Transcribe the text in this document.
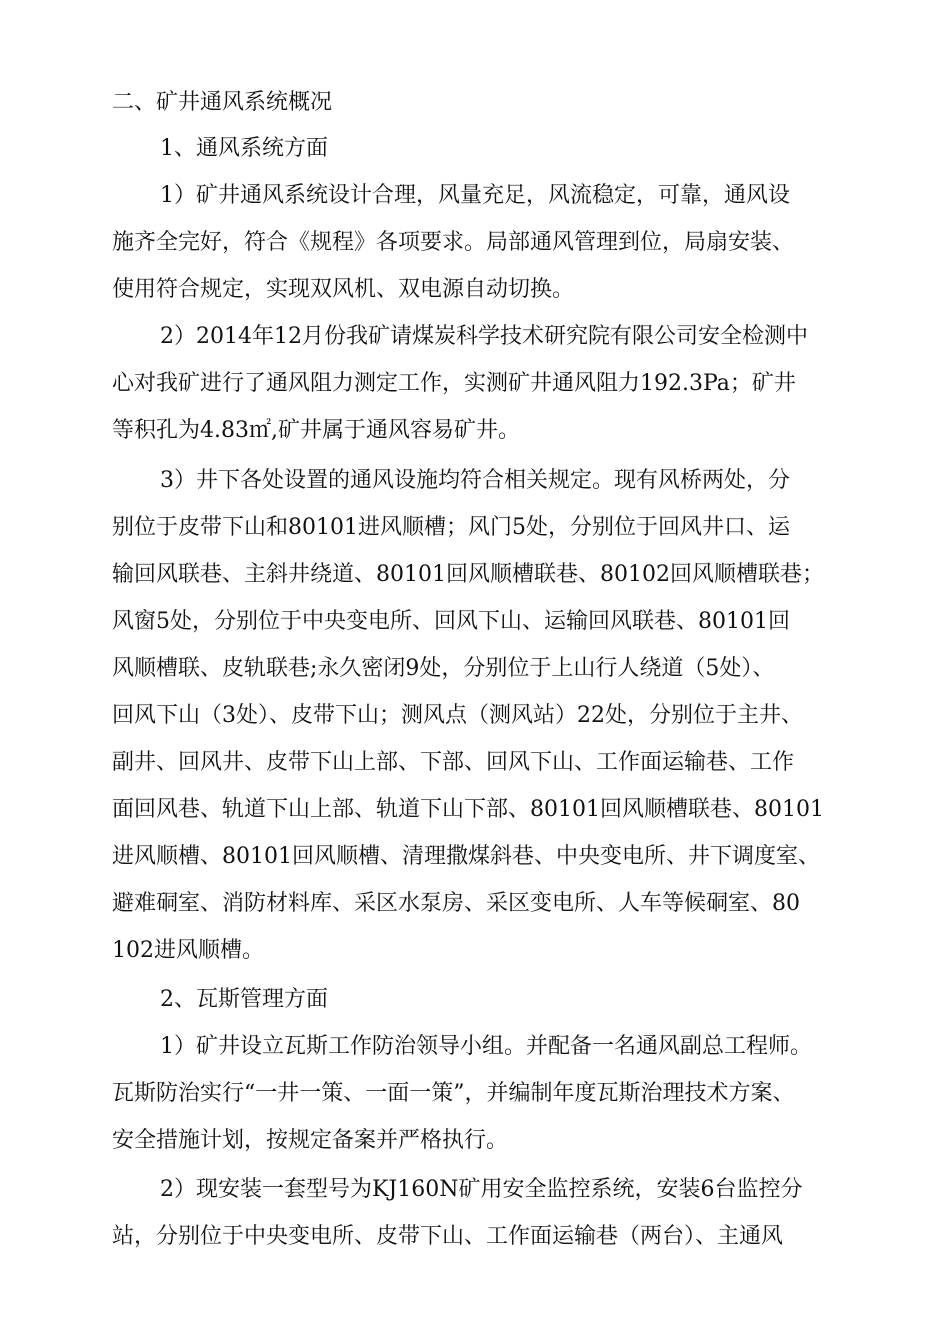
二、矿井通风系统概况
1、通风系统方面
1）矿井通风系统设计合理，风量充足，风流稳定，可靠，通风设
施齐全完好，符合《规程》各项要求。局部通风管理到位，局扇安装、
使用符合规定，实现双风机、双电源自动切换。
2）2014年12月份我矿请煤炭科学技术研究院有限公司安全检测中
心对我矿进行了通风阻力测定工作，实测矿井通风阻力192.3Pa；矿井
等积孔为4.83㎡,矿井属于通风容易矿井。
3）井下各处设置的通风设施均符合相关规定。现有风桥两处，分
别位于皮带下山和80101进风顺槽；风门5处，分别位于回风井口、运
输回风联巷、主斜井绕道、80101回风顺槽联巷、80102回风顺槽联巷；
风窗5处，分别位于中央变电所、回风下山、运输回风联巷、80101回
风顺槽联、皮轨联巷;永久密闭9处，分别位于上山行人绕道（5处）、
回风下山（3处）、皮带下山；测风点（测风站）22处，分别位于主井、
副井、回风井、皮带下山上部、下部、回风下山、工作面运输巷、工作
面回风巷、轨道下山上部、轨道下山下部、80101回风顺槽联巷、80101
进风顺槽、80101回风顺槽、清理撒煤斜巷、中央变电所、井下调度室、
避难硐室、消防材料库、采区水泵房、采区变电所、人车等候硐室、80
102进风顺槽。
2、瓦斯管理方面
1）矿井设立瓦斯工作防治领导小组。并配备一名通风副总工程师。
瓦斯防治实行“一井一策、一面一策”，并编制年度瓦斯治理技术方案、
安全措施计划，按规定备案并严格执行。
2）现安装一套型号为KJ160N矿用安全监控系统，安装6台监控分
站，分别位于中央变电所、皮带下山、工作面运输巷（两台）、主通风
